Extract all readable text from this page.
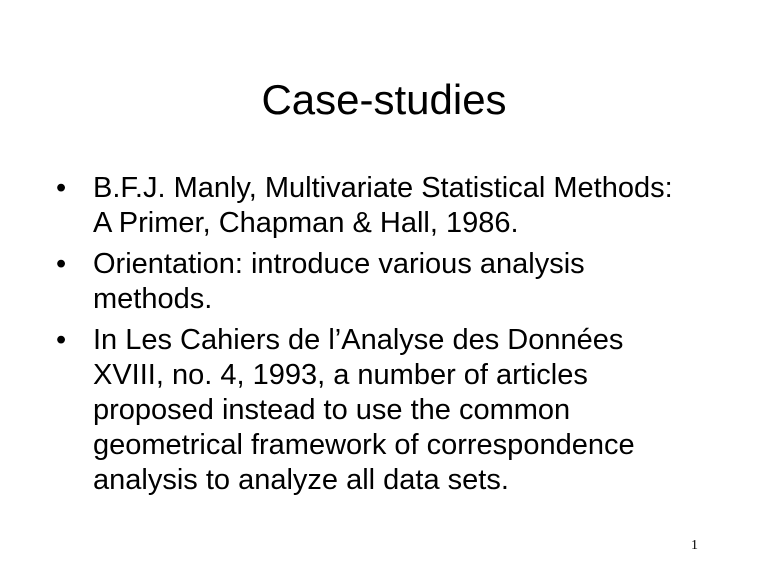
Case-studies
• B.F.J. Manly, Multivariate Statistical Methods:
A Primer, Chapman & Hall, 1986.
• Orientation: introduce various analysis
methods.
• In Les Cahiers de l’Analyse des Données
XVIII, no. 4, 1993, a number of articles
proposed instead to use the common
geometrical framework of correspondence
analysis to analyze all data sets.
1
